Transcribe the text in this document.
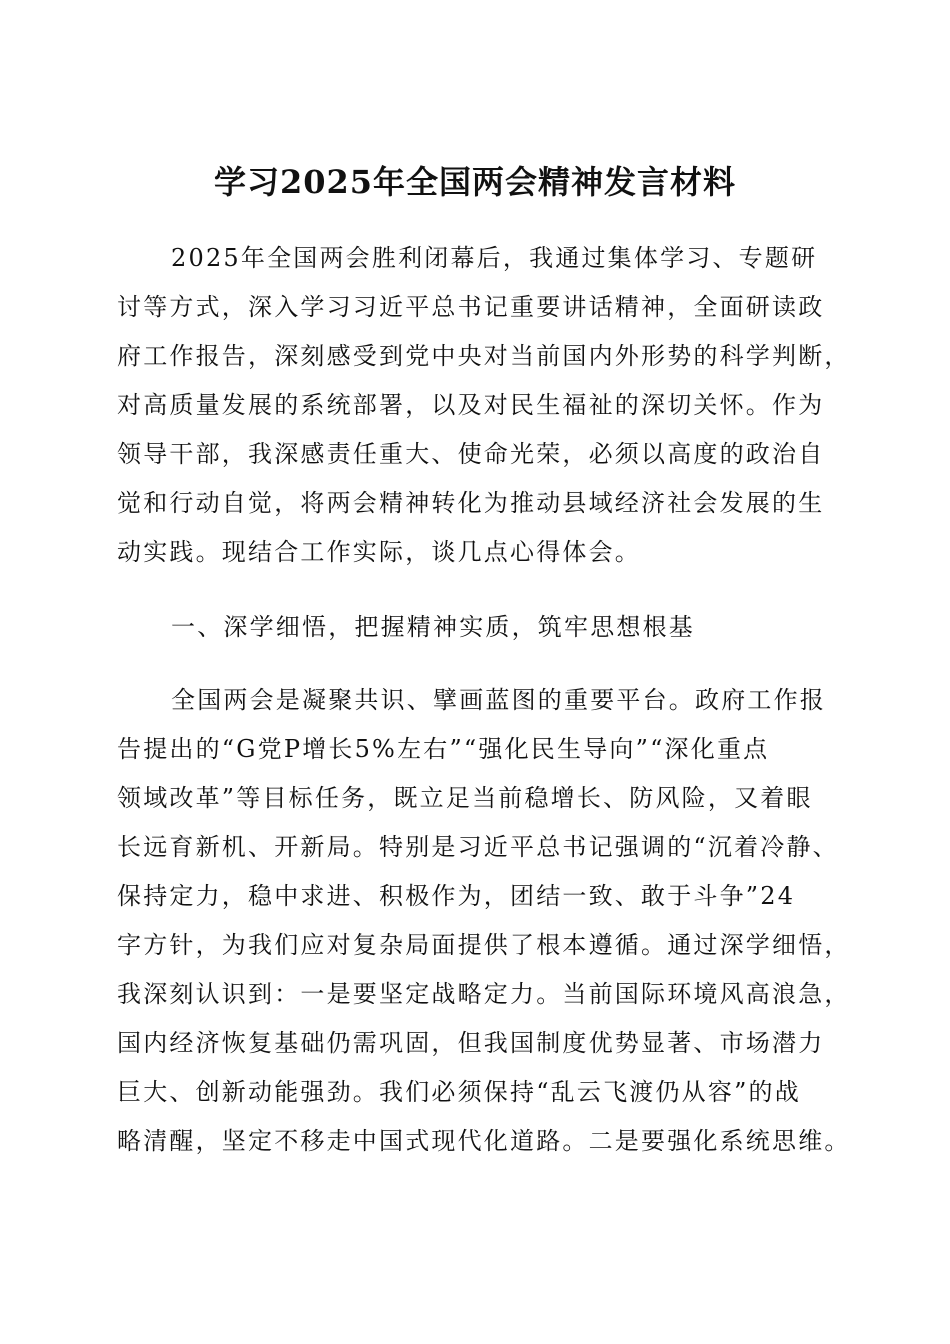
学习2025年全国两会精神发言材料
2025年全国两会胜利闭幕后，我通过集体学习、专题研
讨等方式，深入学习习近平总书记重要讲话精神，全面研读政
府工作报告，深刻感受到党中央对当前国内外形势的科学判断，
对高质量发展的系统部署，以及对民生福祉的深切关怀。作为
领导干部，我深感责任重大、使命光荣，必须以高度的政治自
觉和行动自觉，将两会精神转化为推动县域经济社会发展的生
动实践。现结合工作实际，谈几点心得体会。
一、深学细悟，把握精神实质，筑牢思想根基
全国两会是凝聚共识、擘画蓝图的重要平台。政府工作报
告提出的“G党P增长5%左右”“强化民生导向”“深化重点
领域改革”等目标任务，既立足当前稳增长、防风险，又着眼
长远育新机、开新局。特别是习近平总书记强调的“沉着冷静、
保持定力，稳中求进、积极作为，团结一致、敢于斗争”24
字方针，为我们应对复杂局面提供了根本遵循。通过深学细悟，
我深刻认识到：一是要坚定战略定力。当前国际环境风高浪急，
国内经济恢复基础仍需巩固，但我国制度优势显著、市场潜力
巨大、创新动能强劲。我们必须保持“乱云飞渡仍从容”的战
略清醒，坚定不移走中国式现代化道路。二是要强化系统思维。
